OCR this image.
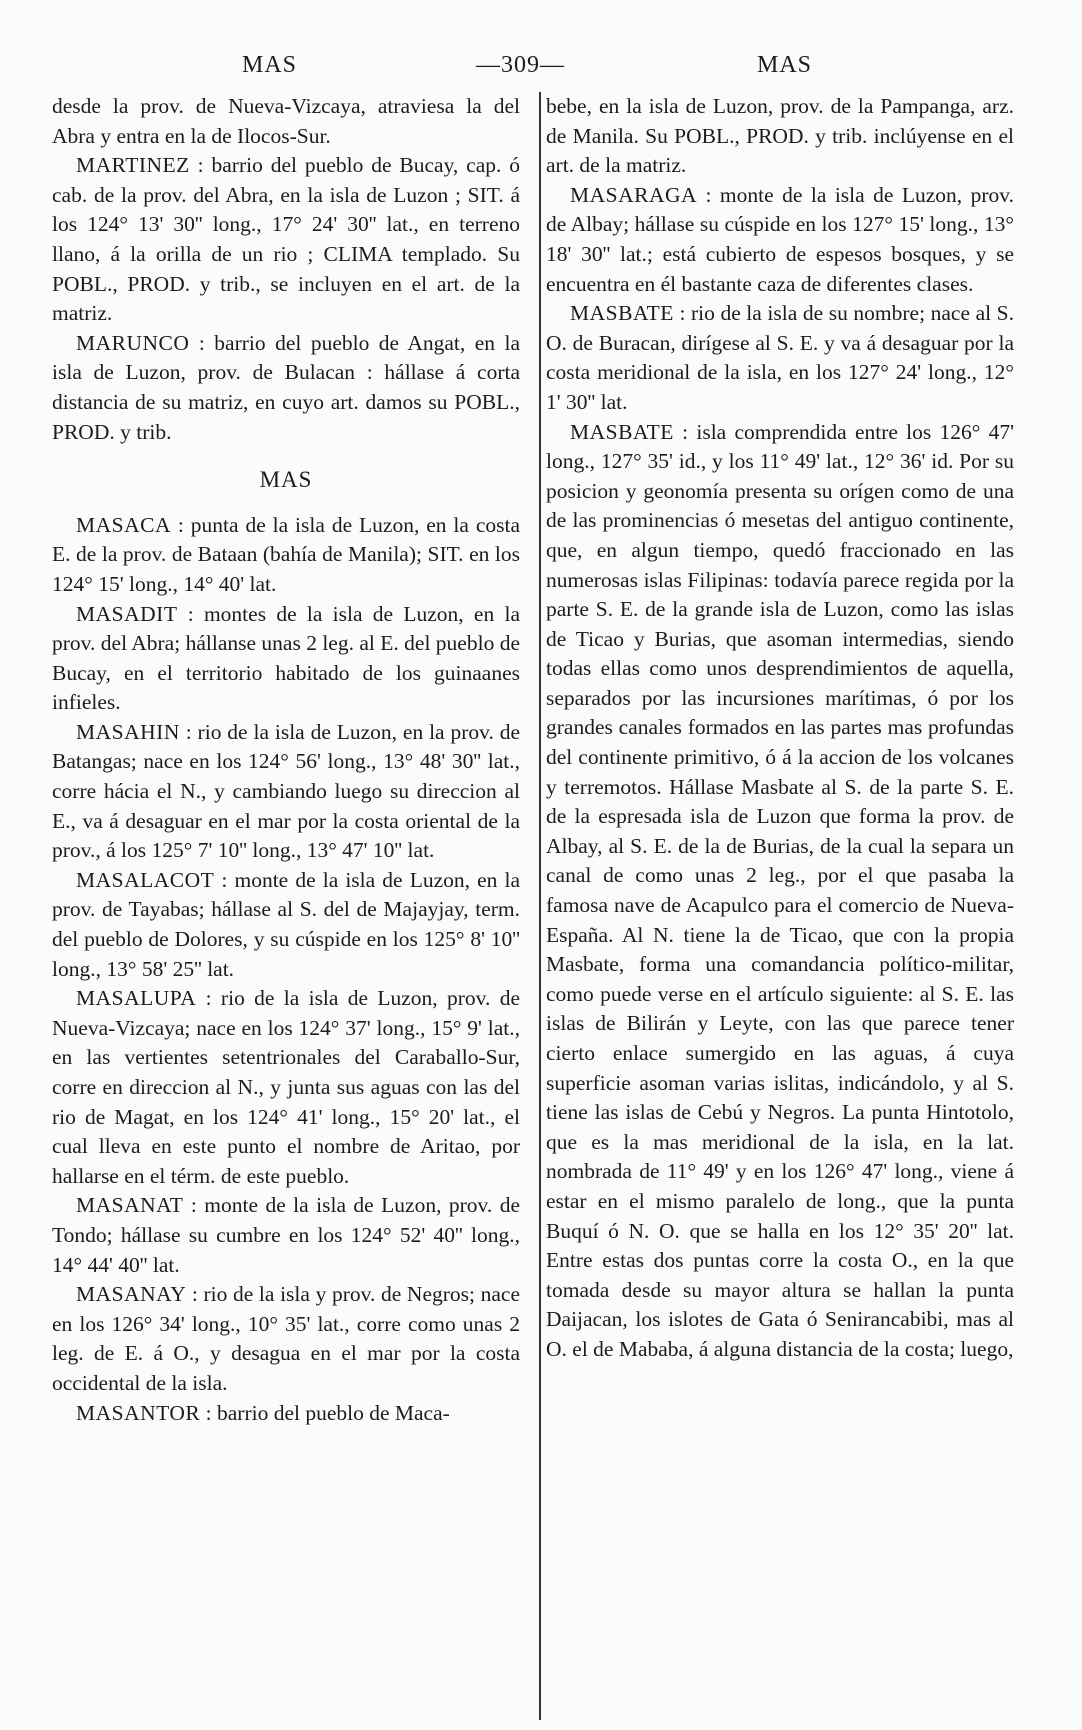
MAS	—309—	MAS

desde la prov. de Nueva-Vizcaya, atraviesa la del Abra y entra en la de Ilocos-Sur.

MARTINEZ : barrio del pueblo de Bucay, cap. ó cab. de la prov. del Abra, en la isla de Luzon ; SIT. á los 124° 13' 30'' long., 17° 24' 30'' lat., en terreno llano, á la orilla de un rio ; CLIMA templado. Su POBL., PROD. y trib., se incluyen en el art. de la matriz.

MARUNCO : barrio del pueblo de Angat, en la isla de Luzon, prov. de Bulacan : hállase á corta distancia de su matriz, en cuyo art. damos su POBL., PROD. y trib.

MAS

MASACA : punta de la isla de Luzon, en la costa E. de la prov. de Bataan (bahía de Manila); SIT. en los 124° 15' long., 14° 40' lat.

MASADIT : montes de la isla de Luzon, en la prov. del Abra; hállanse unas 2 leg. al E. del pueblo de Bucay, en el territorio habitado de los guinaanes infieles.

MASAHIN : rio de la isla de Luzon, en la prov. de Batangas; nace en los 124° 56' long., 13° 48' 30'' lat., corre hácia el N., y cambiando luego su direccion al E., va á desaguar en el mar por la costa oriental de la prov., á los 125° 7' 10'' long., 13° 47' 10'' lat.

MASALACOT : monte de la isla de Luzon, en la prov. de Tayabas; hállase al S. del de Majayjay, term. del pueblo de Dolores, y su cúspide en los 125° 8' 10'' long., 13° 58' 25'' lat.

MASALUPA : rio de la isla de Luzon, prov. de Nueva-Vizcaya; nace en los 124° 37' long., 15° 9' lat., en las vertientes setentrionales del Caraballo-Sur, corre en direccion al N., y junta sus aguas con las del rio de Magat, en los 124° 41' long., 15° 20' lat., el cual lleva en este punto el nombre de Aritao, por hallarse en el térm. de este pueblo.

MASANAT : monte de la isla de Luzon, prov. de Tondo; hállase su cumbre en los 124° 52' 40'' long., 14° 44' 40'' lat.

MASANAY : rio de la isla y prov. de Negros; nace en los 126° 34' long., 10° 35' lat., corre como unas 2 leg. de E. á O., y desagua en el mar por la costa occidental de la isla.

MASANTOR : barrio del pueblo de Maca-

bebe, en la isla de Luzon, prov. de la Pampanga, arz. de Manila. Su POBL., PROD. y trib. inclúyense en el art. de la matriz.

MASARAGA : monte de la isla de Luzon, prov. de Albay; hállase su cúspide en los 127° 15' long., 13° 18' 30'' lat.; está cubierto de espesos bosques, y se encuentra en él bastante caza de diferentes clases.

MASBATE : rio de la isla de su nombre; nace al S. O. de Buracan, dirígese al S. E. y va á desaguar por la costa meridional de la isla, en los 127° 24' long., 12° 1' 30'' lat.

MASBATE : isla comprendida entre los 126° 47' long., 127° 35' id., y los 11° 49' lat., 12° 36' id. Por su posicion y geonomía presenta su orígen como de una de las prominencias ó mesetas del antiguo continente, que, en algun tiempo, quedó fraccionado en las numerosas islas Filipinas: todavía parece regida por la parte S. E. de la grande isla de Luzon, como las islas de Ticao y Burias, que asoman intermedias, siendo todas ellas como unos desprendimientos de aquella, separados por las incursiones marítimas, ó por los grandes canales formados en las partes mas profundas del continente primitivo, ó á la accion de los volcanes y terremotos. Hállase Masbate al S. de la parte S. E. de la espresada isla de Luzon que forma la prov. de Albay, al S. E. de la de Burias, de la cual la separa un canal de como unas 2 leg., por el que pasaba la famosa nave de Acapulco para el comercio de Nueva-España. Al N. tiene la de Ticao, que con la propia Masbate, forma una comandancia político-militar, como puede verse en el artículo siguiente: al S. E. las islas de Bilirán y Leyte, con las que parece tener cierto enlace sumergido en las aguas, á cuya superficie asoman varias islitas, indicándolo, y al S. tiene las islas de Cebú y Negros. La punta Hintotolo, que es la mas meridional de la isla, en la lat. nombrada de 11° 49' y en los 126° 47' long., viene á estar en el mismo paralelo de long., que la punta Buquí ó N. O. que se halla en los 12° 35' 20'' lat. Entre estas dos puntas corre la costa O., en la que tomada desde su mayor altura se hallan la punta Daijacan, los islotes de Gata ó Senirancabibi, mas al O. el de Mababa, á alguna distancia de la costa; luego,
